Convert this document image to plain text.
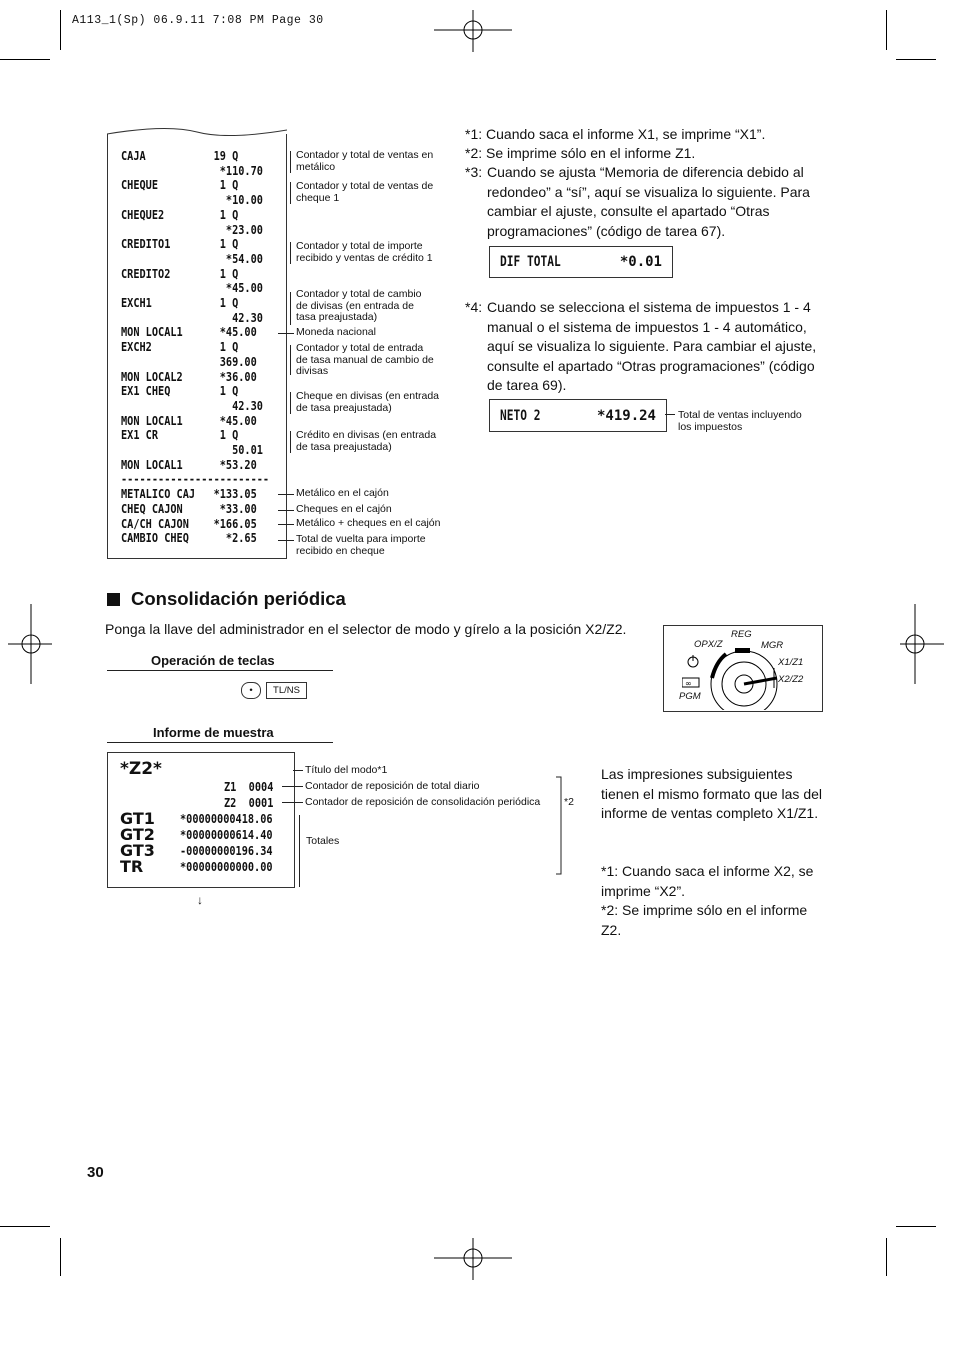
A113_1(Sp) 06.9.11 7:08 PM Page 30
CAJA           19 Q
*110.70
CHEQUE          1 Q
*10.00
CHEQUE2         1 Q
*23.00
CREDITO1        1 Q
*54.00
CREDITO2        1 Q
*45.00
EXCH1           1 Q
42.30
MON LOCAL1      *45.00
EXCH2           1 Q
369.00
MON LOCAL2      *36.00
EX1 CHEQ        1 Q
42.30
MON LOCAL1      *45.00
EX1 CR          1 Q
50.01
MON LOCAL1      *53.20
------------------------
METALICO CAJ   *133.05
CHEQ CAJON      *33.00
CA/CH CAJON    *166.05
CAMBIO CHEQ      *2.65
Contador y total de ventas en metálico
Contador y total de ventas de cheque 1
Contador y total de importe recibido y ventas de crédito 1
Contador y total de cambio de divisas (en entrada de tasa preajustada)
Moneda nacional
Contador y total de entrada de tasa manual de cambio de divisas
Cheque en divisas (en entrada de tasa preajustada)
Crédito en divisas (en entrada de tasa preajustada)
Metálico en el cajón
Cheques en el cajón
Metálico + cheques en el cajón
Total de vuelta para importe recibido en cheque
*1: Cuando saca el informe X1, se imprime “X1”.
*2: Se imprime sólo en el informe Z1.
*3: Cuando se ajusta “Memoria de diferencia debido al redondeo” a “sí”, aquí se visualiza lo siguiente. Para cambiar el ajuste, consulte el apartado “Otras programaciones” (código de tarea 67).
DIF TOTAL	*0.01
*4: Cuando se selecciona el sistema de impuestos 1 - 4 manual o el sistema de impuestos 1 - 4 automático, aquí se visualiza lo siguiente. Para cambiar el ajuste, consulte el apartado “Otras programaciones” (código de tarea 69).
NETO 2	*419.24 Total de ventas incluyendo los impuestos
Consolidación periódica
Ponga la llave del administrador en el selector de modo y gírelo a la posición X2/Z2.
Operación de teclas
•	TL/NS
Informe de muestra
REG
OPX/Z	MGR
X1/Z1
X2/Z2
PGM
∞
*Z2*
Z1  0004
Z2  0001
GT1 *00000000418.06
GT2 *00000000614.40
GT3 -00000000196.34
TR	*00000000000.00
↓
Título del modo*1
Contador de reposición de total diario
Contador de reposición de consolidación periódica
Totales
*2
Las impresiones subsiguientes tienen el mismo formato que las del informe de ventas completo X1/Z1.
*1: Cuando saca el informe X2, se imprime “X2”.
*2: Se imprime sólo en el informe Z2.
30
